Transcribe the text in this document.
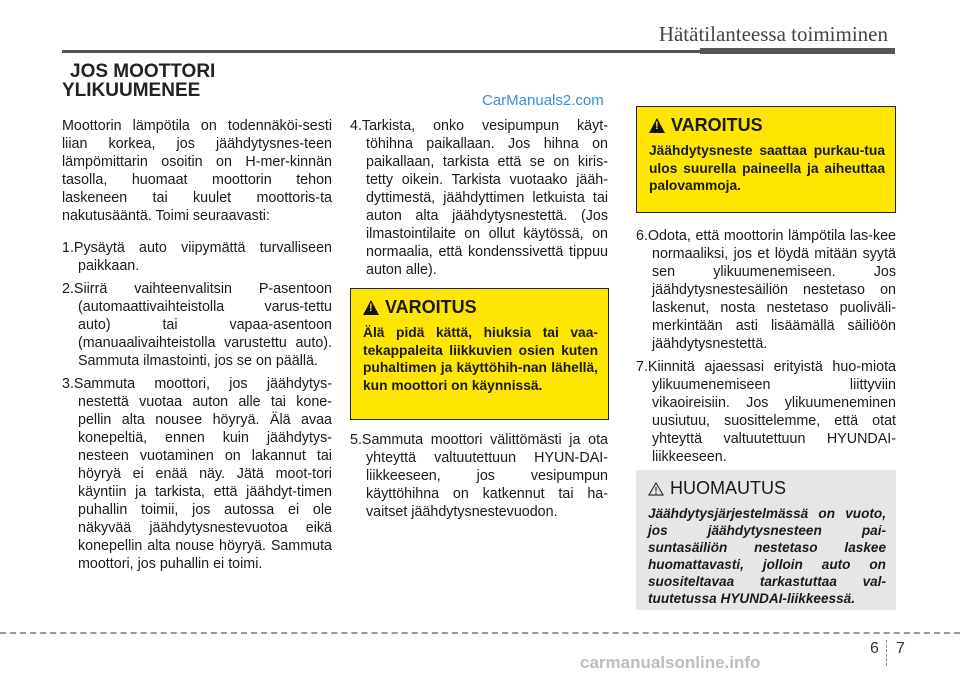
Hätätilanteessa toimiminen
JOS MOOTTORI
YLIKUUMENEE	CarManuals2.com

Moottorin lämpötila on todennäköi-sesti liian korkea, jos jäähdytysnes-teen lämpömittarin osoitin on H-mer-kinnän tasolla, huomaat moottorin tehon laskeneen tai kuulet moottoris-ta nakutusääntä. Toimi seuraavasti:

1.Pysäytä auto viipymättä turvalliseen paikkaan.
2.Siirrä vaihteenvalitsin P-asentoon (automaattivaihteistolla varus-tettu auto) tai vapaa-asentoon (manuaalivaihteistolla varustettu auto). Sammuta ilmastointi, jos se on päällä.
3.Sammuta moottori, jos jäähdytys-nestettä vuotaa auton alle tai kone-pellin alta nousee höyryä. Älä avaa konepeltiä, ennen kuin jäähdytys-nesteen vuotaminen on lakannut tai höyryä ei enää näy. Jätä moot-tori käyntiin ja tarkista, että jäähdyt-timen puhallin toimii, jos autossa ei ole näkyvää jäähdytysnestevuotoa eikä konepellin alta nouse höyryä. Sammuta moottori, jos puhallin ei toimi.
4.Tarkista, onko vesipumpun käyt-töhihna paikallaan. Jos hihna on paikallaan, tarkista että se on kiris-tetty oikein. Tarkista vuotaako jääh-dyttimestä, jäähdyttimen letkuista tai auton alta jäähdytysnestettä. (Jos ilmastointilaite on ollut käytössä, on normaalia, että kondenssivettä tippuu auton alle).
!
VAROITUS
Älä pidä kättä, hiuksia tai vaa-tekappaleita liikkuvien osien kuten puhaltimen ja käyttöhih-nan lähellä, kun moottori on käynnissä.
5.Sammuta moottori välittömästi ja ota yhteyttä valtuutettuun HYUN-DAI-liikkeeseen, jos vesipumpun käyttöhihna on katkennut tai ha-vaitset jäähdytysnestevuodon.
!
VAROITUS
Jäähdytysneste saattaa purkau-tua ulos suurella paineella ja aiheuttaa palovammoja.
6.Odota, että moottorin lämpötila las-kee normaaliksi, jos et löydä mitään syytä sen ylikuumenemiseen. Jos jäähdytysnestesäiliön nestetaso on laskenut, nosta nestetaso puoliväli-merkintään asti lisäämällä säiliöön jäähdytysnestettä.
7.Kiinnitä ajaessasi erityistä huo-miota ylikuumenemiseen liittyviin vikaoireisiin. Jos ylikuumeneminen uusiutuu, suosittelemme, että otat yhteyttä valtuutettuun HYUNDAI-liikkeeseen.
HUOMAUTUS
Jäähdytysjärjestelmässä on vuoto, jos jäähdytysnesteen pai-suntasäiliön nestetaso laskee huomattavasti, jolloin auto on suositeltavaa tarkastuttaa val-tuutetussa HYUNDAI-liikkeessä.
6 7
carmanualsonline.info
